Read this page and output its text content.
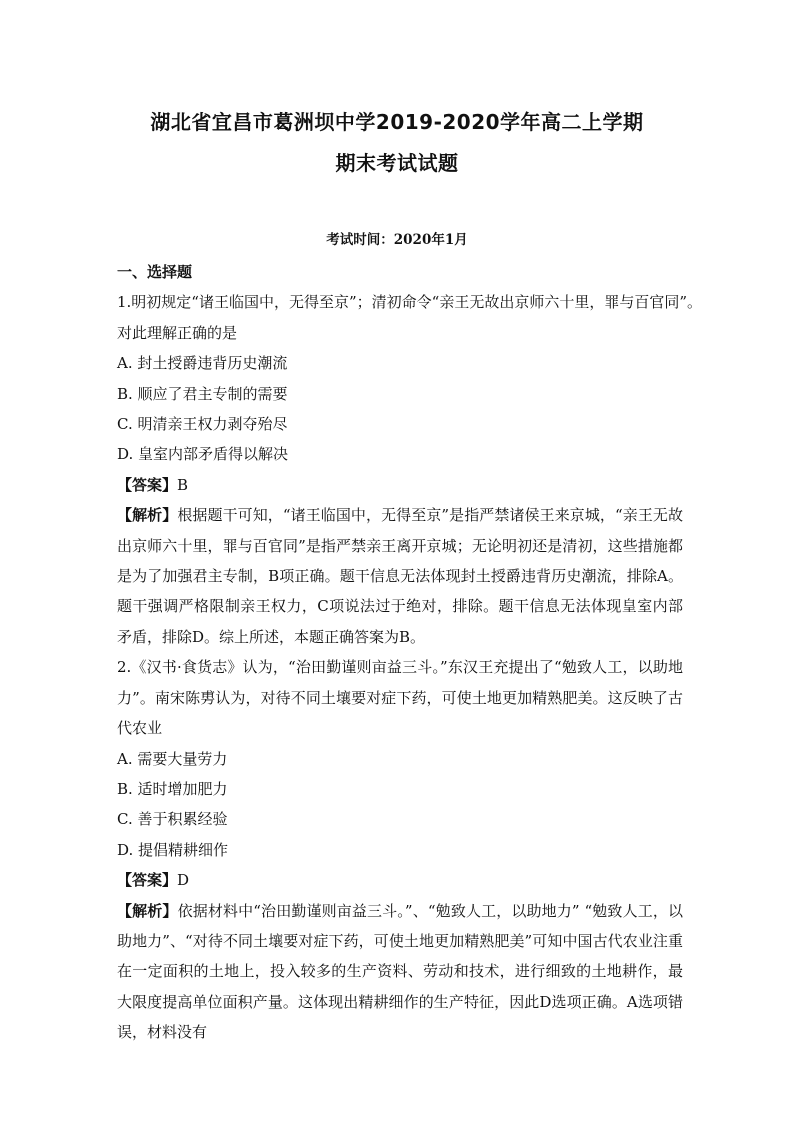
湖北省宜昌市葛洲坝中学2019-2020学年高二上学期
期末考试试题
考试时间：2020年1月

一、选择题

1.明初规定“诸王临国中，无得至京”；清初命令“亲王无故出京师六十里，罪与百官同”。

对此理解正确的是

A. 封土授爵违背历史潮流

B. 顺应了君主专制的需要

C. 明清亲王权力剥夺殆尽

D. 皇室内部矛盾得以解决

【答案】B

【解析】根据题干可知，“诸王临国中，无得至京”是指严禁诸侯王来京城，“亲王无故出京师六十里，罪与百官同”是指严禁亲王离开京城；无论明初还是清初，这些措施都是为了加强君主专制，B项正确。题干信息无法体现封土授爵违背历史潮流，排除A。题干强调严格限制亲王权力，C项说法过于绝对，排除。题干信息无法体现皇室内部矛盾，排除D。综上所述，本题正确答案为B。

2.《汉书·食货志》认为，“治田勤谨则亩益三斗。”东汉王充提出了“勉致人工，以助地力”。南宋陈旉认为，对待不同土壤要对症下药，可使土地更加精熟肥美。这反映了古代农业

A. 需要大量劳力

B. 适时增加肥力

C. 善于积累经验

D. 提倡精耕细作

【答案】D

【解析】依据材料中“治田勤谨则亩益三斗。”、“勉致人工，以助地力” “勉致人工，以助地力”、“对待不同土壤要对症下药，可使土地更加精熟肥美”可知中国古代农业注重在一定面积的土地上，投入较多的生产资料、劳动和技术，进行细致的土地耕作，最大限度提高单位面积产量。这体现出精耕细作的生产特征，因此D选项正确。A选项错误，材料没有
